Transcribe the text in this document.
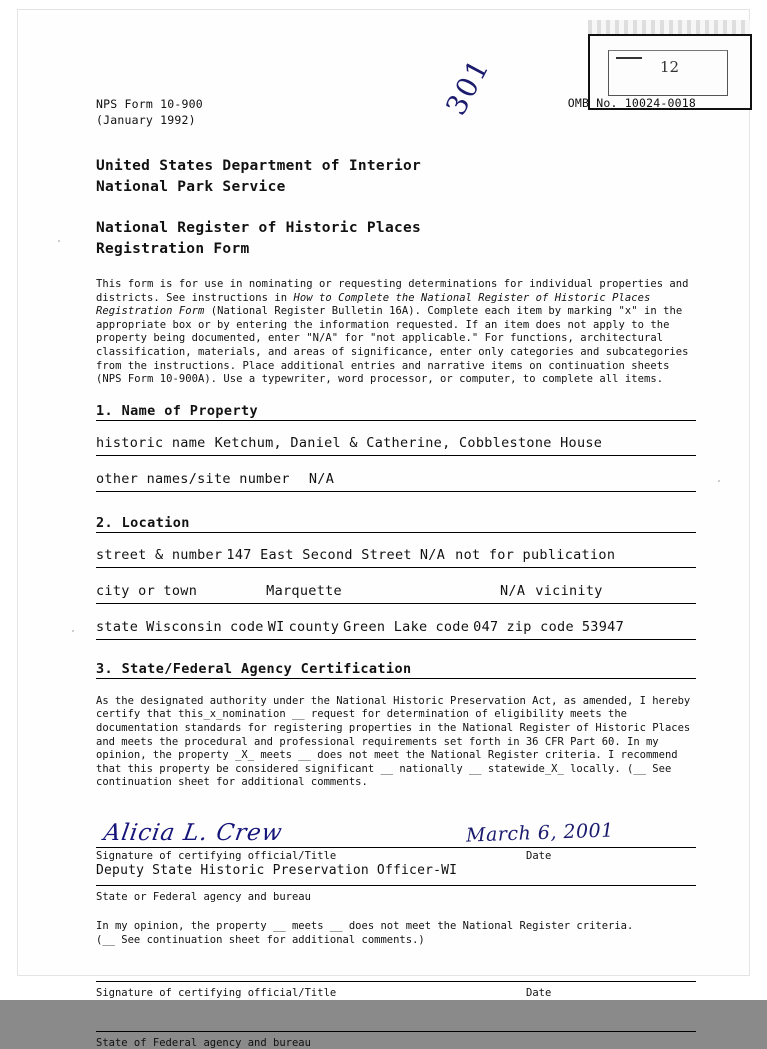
12
301
NPS Form 10-900
(January 1992)
OMB No. 10024-0018
United States Department of Interior
National Park Service
National Register of Historic Places
Registration Form
This form is for use in nominating or requesting determinations for individual properties and districts. See instructions in How to Complete the National Register of Historic Places Registration Form (National Register Bulletin 16A). Complete each item by marking "x" in the appropriate box or by entering the information requested. If an item does not apply to the property being documented, enter "N/A" for "not applicable." For functions, architectural classification, materials, and areas of significance, enter only categories and subcategories from the instructions. Place additional entries and narrative items on continuation sheets (NPS Form 10-900A). Use a typewriter, word processor, or computer, to complete all items.
1. Name of Property
historic name Ketchum, Daniel & Catherine, Cobblestone House
other names/site number N/A
2. Location
street & number 147 East Second Street N/A not for publication
city or town	Marquette	N/A vicinity
state Wisconsin code WI county Green Lake code 047 zip code 53947
3. State/Federal Agency Certification
As the designated authority under the National Historic Preservation Act, as amended, I hereby certify that this_x_nomination __ request for determination of eligibility meets the documentation standards for registering properties in the National Register of Historic Places and meets the procedural and professional requirements set forth in 36 CFR Part 60. In my opinion, the property _X_ meets __ does not meet the National Register criteria. I recommend that this property be considered significant __ nationally __ statewide_X_ locally. (__ See continuation sheet for additional comments.
Alicia L. Crew	March 6, 2001
Signature of certifying official/Title	Date
Deputy State Historic Preservation Officer-WI
State or Federal agency and bureau
In my opinion, the property __ meets __ does not meet the National Register criteria.
(__ See continuation sheet for additional comments.)
Signature of certifying official/Title	Date
State of Federal agency and bureau
